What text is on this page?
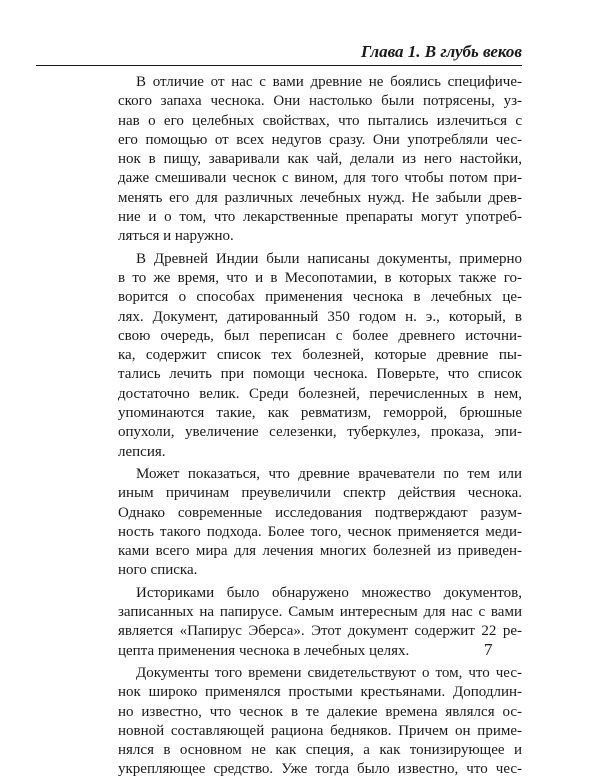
Глава 1. В глубь веков
В отличие от нас с вами древние не боялись специфиче-
ского запаха чеснока. Они настолько были потрясены, уз-
нав о его целебных свойствах, что пытались излечиться с
его помощью от всех недугов сразу. Они употребляли чес-
нок в пищу, заваривали как чай, делали из него настойки,
даже смешивали чеснок с вином, для того чтобы потом при-
менять его для различных лечебных нужд. Не забыли древ-
ние и о том, что лекарственные препараты могут употреб-
ляться и наружно.
В Древней Индии были написаны документы, примерно
в то же время, что и в Месопотамии, в которых также го-
ворится о способах применения чеснока в лечебных це-
лях. Документ, датированный 350 годом н. э., который, в
свою очередь, был переписан с более древнего источни-
ка, содержит список тех болезней, которые древние пы-
тались лечить при помощи чеснока. Поверьте, что список
достаточно велик. Среди болезней, перечисленных в нем,
упоминаются такие, как ревматизм, геморрой, брюшные
опухоли, увеличение селезенки, туберкулез, проказа, эпи-
лепсия.
Может показаться, что древние врачеватели по тем или
иным причинам преувеличили спектр действия чеснока.
Однако современные исследования подтверждают разум-
ность такого подхода. Более того, чеснок применяется меди-
ками всего мира для лечения многих болезней из приведен-
ного списка.
Историками было обнаружено множество документов,
записанных на папирусе. Самым интересным для нас с вами
является «Папирус Эберса». Этот документ содержит 22 ре-
цепта применения чеснока в лечебных целях.
Документы того времени свидетельствуют о том, что чес-
нок широко применялся простыми крестьянами. Доподлин-
но известно, что чеснок в те далекие времена являлся ос-
новной составляющей рациона бедняков. Причем он приме-
нялся в основном не как специя, а как тонизирующее и
укрепляющее средство. Уже тогда было известно, что чес-
7
